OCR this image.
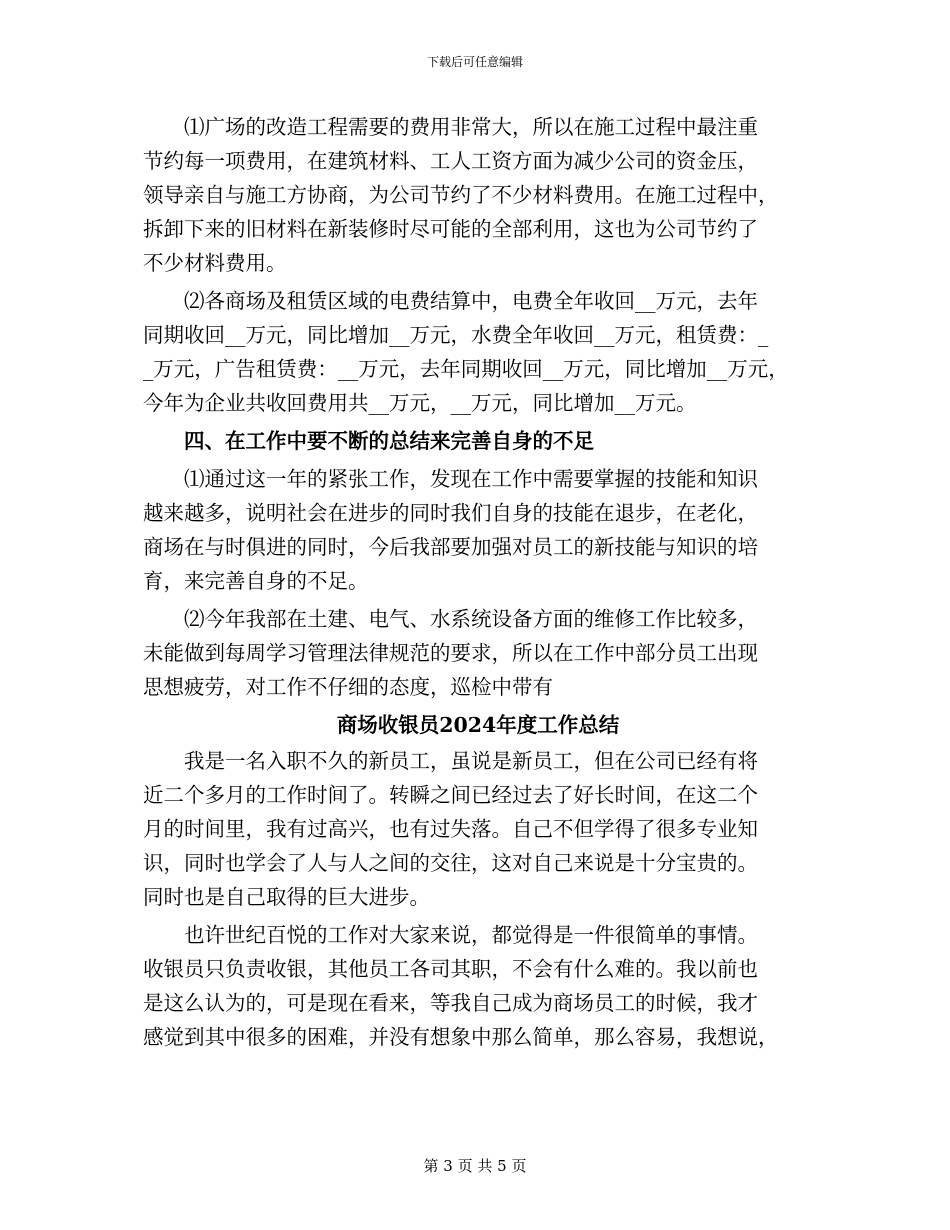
下载后可任意编辑
⑴广场的改造工程需要的费用非常大，所以在施工过程中最注重
节约每一项费用，在建筑材料、工人工资方面为减少公司的资金压，
领导亲自与施工方协商，为公司节约了不少材料费用。在施工过程中，
拆卸下来的旧材料在新装修时尽可能的全部利用，这也为公司节约了
不少材料费用。
⑵各商场及租赁区域的电费结算中，电费全年收回__万元，去年
同期收回__万元，同比增加__万元，水费全年收回__万元，租赁费：_
_万元，广告租赁费：__万元，去年同期收回__万元，同比增加__万元，
今年为企业共收回费用共__万元，__万元，同比增加__万元。
四、在工作中要不断的总结来完善自身的不足
⑴通过这一年的紧张工作，发现在工作中需要掌握的技能和知识
越来越多，说明社会在进步的同时我们自身的技能在退步，在老化，
商场在与时俱进的同时，今后我部要加强对员工的新技能与知识的培
育，来完善自身的不足。
⑵今年我部在土建、电气、水系统设备方面的维修工作比较多，
未能做到每周学习管理法律规范的要求，所以在工作中部分员工出现
思想疲劳，对工作不仔细的态度，巡检中带有
商场收银员2024年度工作总结
我是一名入职不久的新员工，虽说是新员工，但在公司已经有将
近二个多月的工作时间了。转瞬之间已经过去了好长时间，在这二个
月的时间里，我有过高兴，也有过失落。自己不但学得了很多专业知
识，同时也学会了人与人之间的交往，这对自己来说是十分宝贵的。
同时也是自己取得的巨大进步。
也许世纪百悦的工作对大家来说，都觉得是一件很简单的事情。
收银员只负责收银，其他员工各司其职，不会有什么难的。我以前也
是这么认为的，可是现在看来，等我自己成为商场员工的时候，我才
感觉到其中很多的困难，并没有想象中那么简单，那么容易，我想说，
第 3 页 共 5 页
